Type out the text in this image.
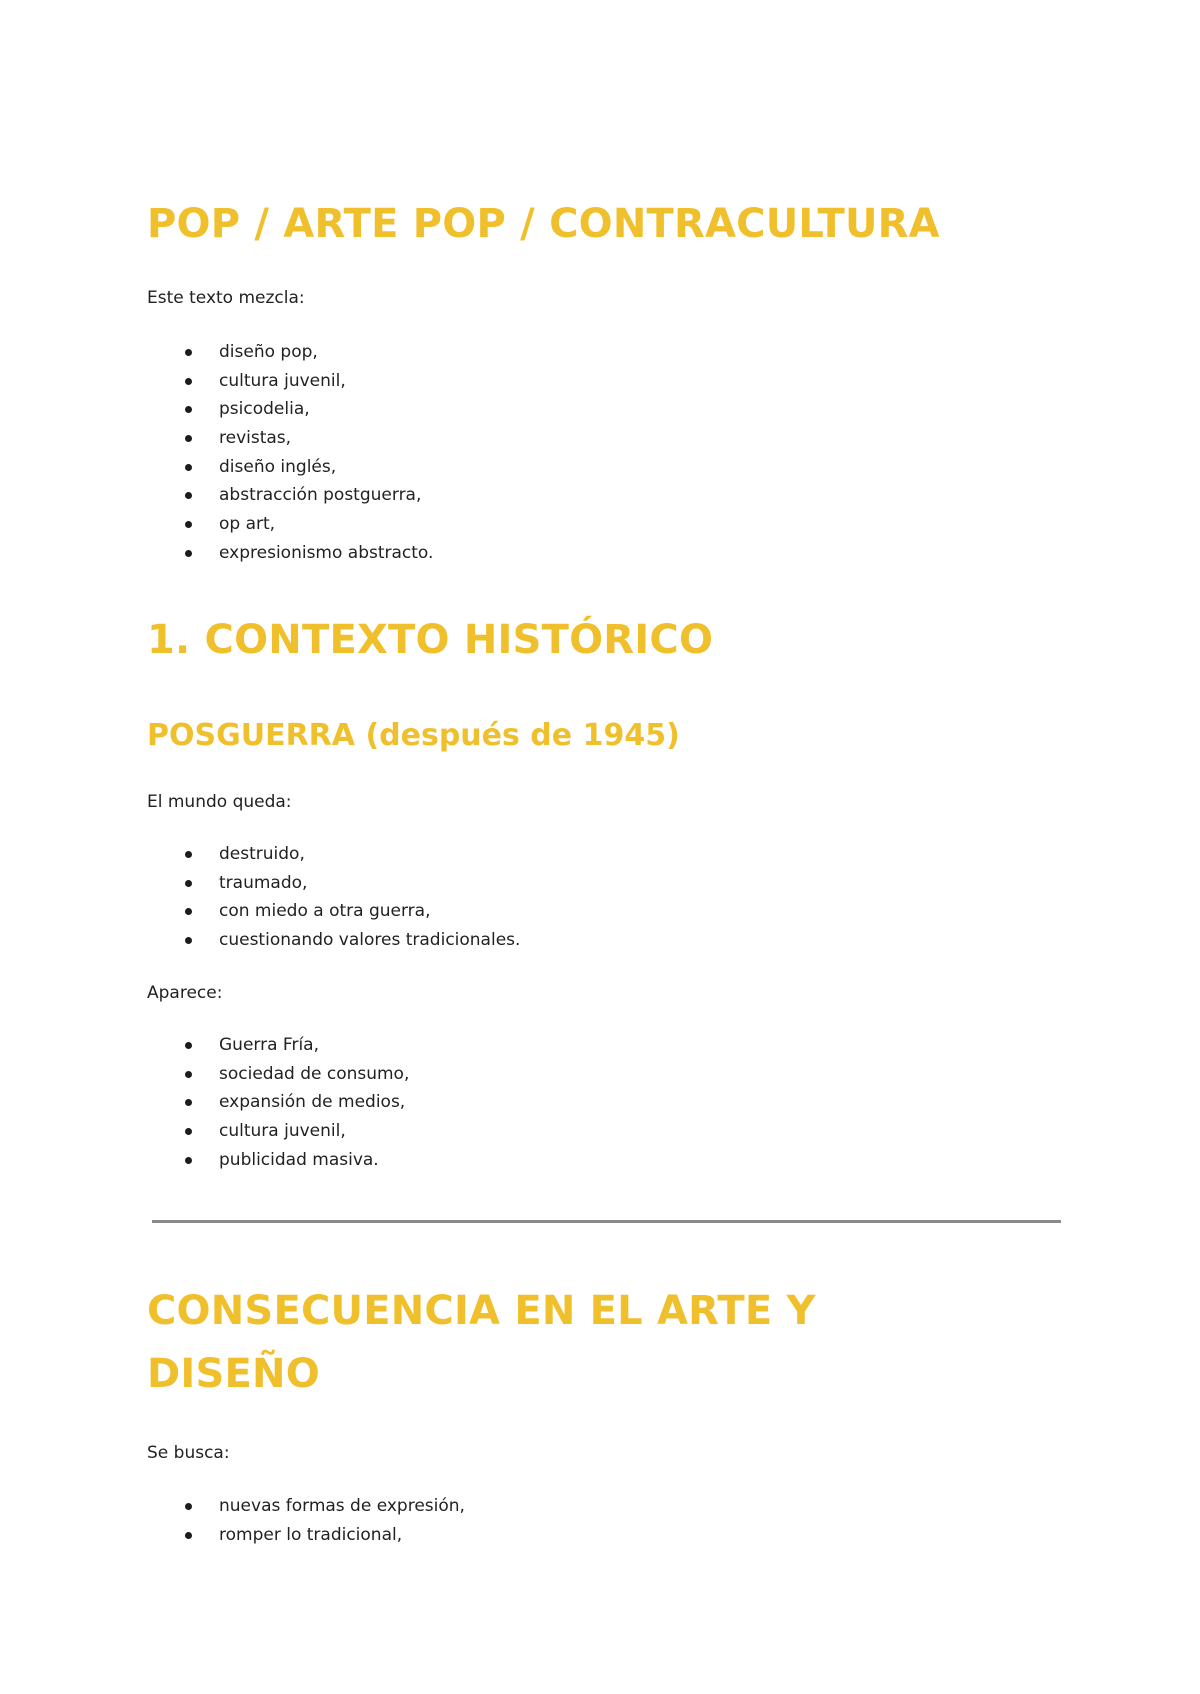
POP / ARTE POP / CONTRACULTURA

Este texto mezcla:

diseño pop,
cultura juvenil,
psicodelia,
revistas,
diseño inglés,
abstracción postguerra,
op art,
expresionismo abstracto.
1. CONTEXTO HISTÓRICO
POSGUERRA (después de 1945)

El mundo queda:

destruido,
traumado,
con miedo a otra guerra,
cuestionando valores tradicionales.

Aparece:

Guerra Fría,
sociedad de consumo,
expansión de medios,
cultura juvenil,
publicidad masiva.
CONSECUENCIA EN EL ARTE Y
DISEÑO

Se busca:

nuevas formas de expresión,
romper lo tradicional,
